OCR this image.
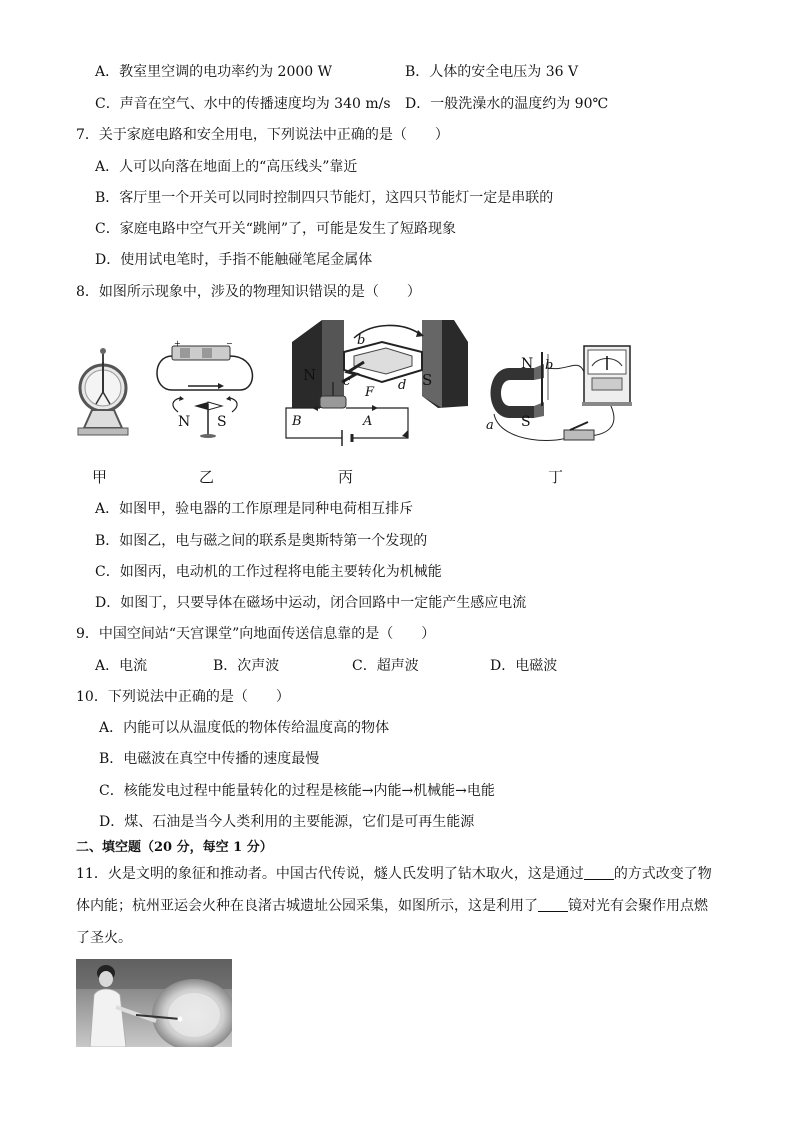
A．教室里空调的电功率约为 2000 W	B．人体的安全电压为 36 V
C．声音在空气、水中的传播速度均为 340 m/s D．一般洗澡水的温度约为 90℃
7．关于家庭电路和安全用电，下列说法中正确的是（　　）
A．人可以向落在地面上的“高压线头”靠近
B．客厅里一个开关可以同时控制四只节能灯，这四只节能灯一定是串联的
C．家庭电路中空气开关“跳闸”了，可能是发生了短路现象
D．使用试电笔时，手指不能触碰笔尾金属体
8．如图所示现象中，涉及的物理知识错误的是（　　）
甲
+	−
N S
乙
N	S
b
c	d
F
B	A
丙
N
S
b
a
丁
A．如图甲，验电器的工作原理是同种电荷相互排斥
B．如图乙，电与磁之间的联系是奥斯特第一个发现的
C．如图丙，电动机的工作过程将电能主要转化为机械能
D．如图丁，只要导体在磁场中运动，闭合回路中一定能产生感应电流
9．中国空间站“天宫课堂”向地面传送信息靠的是（　　）
A．电流	B．次声波	C．超声波	D．电磁波
10．下列说法中正确的是（　　）
A．内能可以从温度低的物体传给温度高的物体
B．电磁波在真空中传播的速度最慢
C．核能发电过程中能量转化的过程是核能→内能→机械能→电能
D．煤、石油是当今人类利用的主要能源，它们是可再生能源
二、填空题（20 分，每空 1 分）
11．火是文明的象征和推动者。中国古代传说，燧人氏发明了钻木取火，这是通过 的方式改变了物
体内能；杭州亚运会火种在良渚古城遗址公园采集，如图所示，这是利用了 镜对光有会聚作用点燃
了圣火。
